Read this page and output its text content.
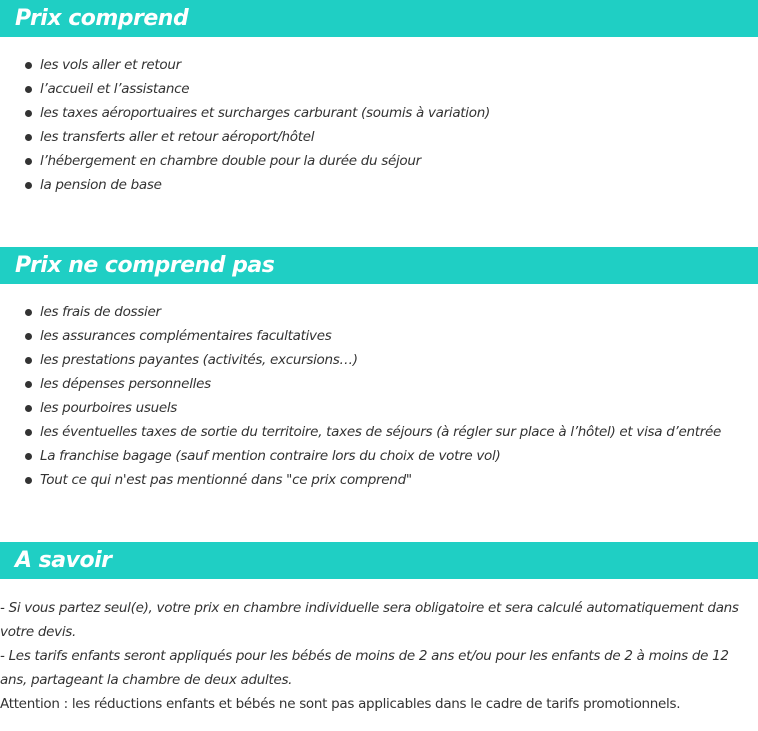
Prix comprend
les vols aller et retour
l’accueil et l’assistance
les taxes aéroportuaires et surcharges carburant (soumis à variation)
les transferts aller et retour aéroport/hôtel
l’hébergement en chambre double pour la durée du séjour
la pension de base
Prix ne comprend pas
les frais de dossier
les assurances complémentaires facultatives
les prestations payantes (activités, excursions…)
les dépenses personnelles
les pourboires usuels
les éventuelles taxes de sortie du territoire, taxes de séjours (à régler sur place à l’hôtel) et visa d’entrée
La franchise bagage (sauf mention contraire lors du choix de votre vol)
Tout ce qui n'est pas mentionné dans "ce prix comprend"
A savoir

- Si vous partez seul(e), votre prix en chambre individuelle sera obligatoire et sera calculé automatiquement dans votre devis.

- Les tarifs enfants seront appliqués pour les bébés de moins de 2 ans et/ou pour les enfants de 2 à moins de 12 ans, partageant la chambre de deux adultes.

Attention : les réductions enfants et bébés ne sont pas applicables dans le cadre de tarifs promotionnels.
